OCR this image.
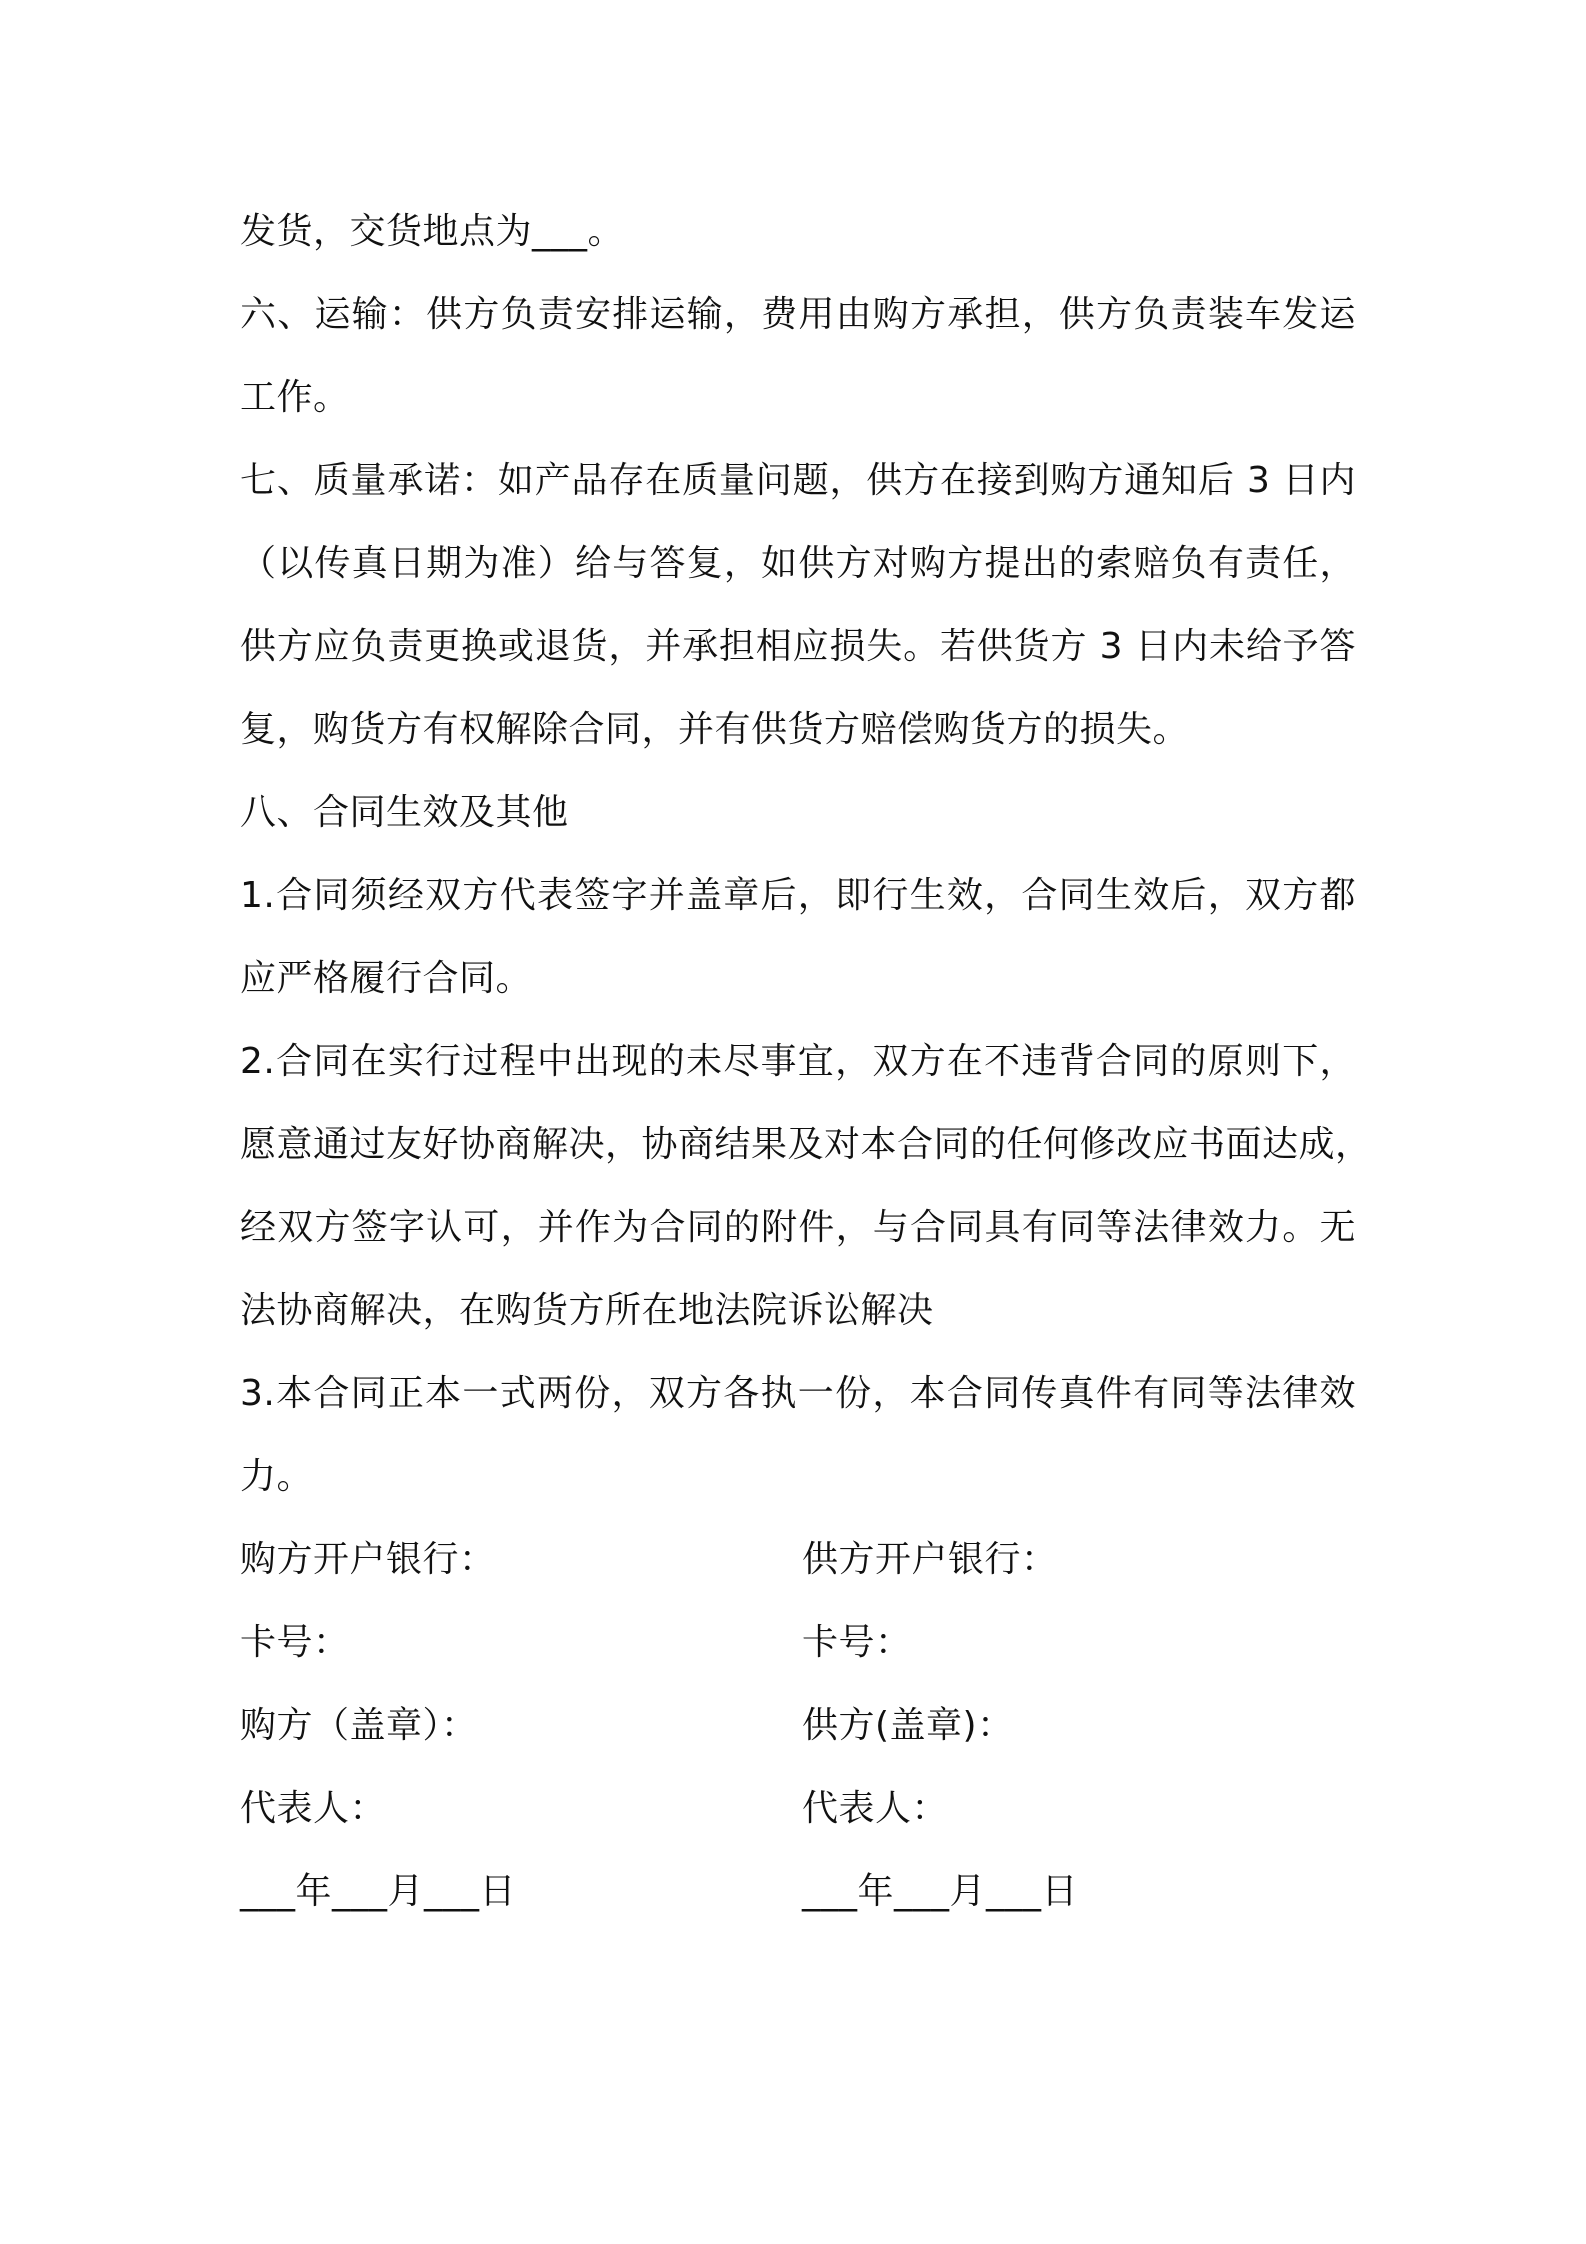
发货，交货地点为___。
六、运输：供方负责安排运输，费用由购方承担，供方负责装车发运
工作。
七、质量承诺：如产品存在质量问题，供方在接到购方通知后 3 日内
（以传真日期为准）给与答复，如供方对购方提出的索赔负有责任，
供方应负责更换或退货，并承担相应损失。若供货方 3 日内未给予答
复，购货方有权解除合同，并有供货方赔偿购货方的损失。
八、合同生效及其他
1.合同须经双方代表签字并盖章后，即行生效，合同生效后，双方都
应严格履行合同。
2.合同在实行过程中出现的未尽事宜，双方在不违背合同的原则下，
愿意通过友好协商解决，协商结果及对本合同的任何修改应书面达成，
经双方签字认可，并作为合同的附件，与合同具有同等法律效力。无
法协商解决，在购货方所在地法院诉讼解决
3.本合同正本一式两份，双方各执一份，本合同传真件有同等法律效
力。
购方开户银行：	供方开户银行：
卡号：	卡号：
购方（盖章）：	供方(盖章)：
代表人：	代表人：
___年___月___日	___年___月___日
